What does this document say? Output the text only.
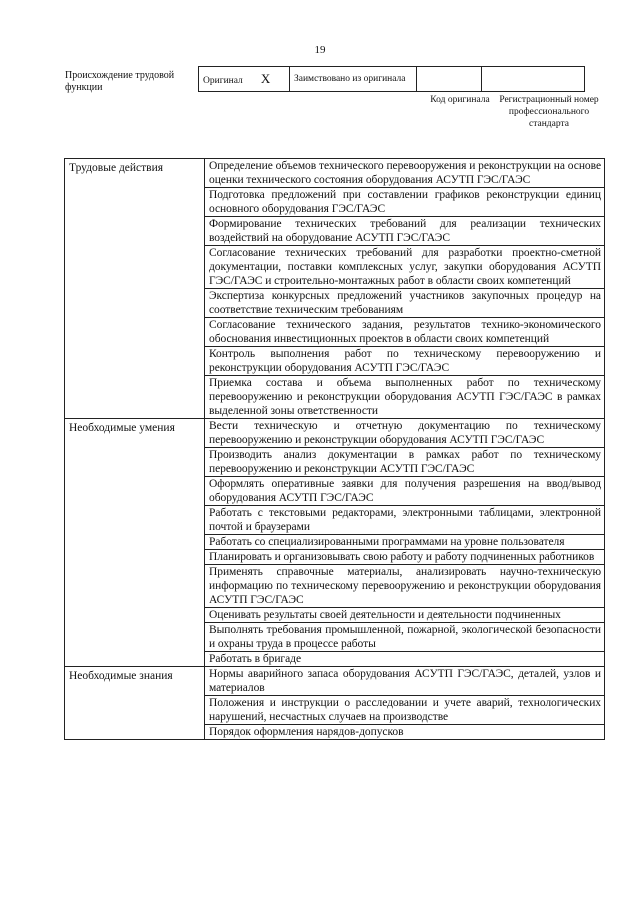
19
Происхождение трудовой функции
Оригинал X	Заимствовано из оригинала		
Код оригинала	Регистрационный номер профессионального стандарта
Трудовые действия	Определение объемов технического перевооружения и реконструкции на основе оценки технического состояния оборудования АСУТП ГЭС/ГАЭС
	Подготовка предложений при составлении графиков реконструкции единиц основного оборудования ГЭС/ГАЭС
	Формирование технических требований для реализации технических воздействий на оборудование АСУТП ГЭС/ГАЭС
	Согласование технических требований для разработки проектно-сметной документации, поставки комплексных услуг, закупки оборудования АСУТП ГЭС/ГАЭС и строительно-монтажных работ в области своих компетенций
	Экспертиза конкурсных предложений участников закупочных процедур на соответствие техническим требованиям
	Согласование технического задания, результатов технико-экономического обоснования инвестиционных проектов в области своих компетенций
	Контроль выполнения работ по техническому перевооружению и реконструкции оборудования АСУТП ГЭС/ГАЭС
	Приемка состава и объема выполненных работ по техническому перевооружению и реконструкции оборудования АСУТП ГЭС/ГАЭС в рамках выделенной зоны ответственности
Необходимые умения	Вести техническую и отчетную документацию по техническому перевооружению и реконструкции оборудования АСУТП ГЭС/ГАЭС
	Производить анализ документации в рамках работ по техническому перевооружению и реконструкции АСУТП ГЭС/ГАЭС
	Оформлять оперативные заявки для получения разрешения на ввод/вывод оборудования АСУТП ГЭС/ГАЭС
	Работать с текстовыми редакторами, электронными таблицами, электронной почтой и браузерами
	Работать со специализированными программами на уровне пользователя
	Планировать и организовывать свою работу и работу подчиненных работников
	Применять справочные материалы, анализировать научно-техническую информацию по техническому перевооружению и реконструкции оборудования АСУТП ГЭС/ГАЭС
	Оценивать результаты своей деятельности и деятельности подчиненных
	Выполнять требования промышленной, пожарной, экологической безопасности и охраны труда в процессе работы
	Работать в бригаде
Необходимые знания	Нормы аварийного запаса оборудования АСУТП ГЭС/ГАЭС, деталей, узлов и материалов
	Положения и инструкции о расследовании и учете аварий, технологических нарушений, несчастных случаев на производстве
	Порядок оформления нарядов-допусков
